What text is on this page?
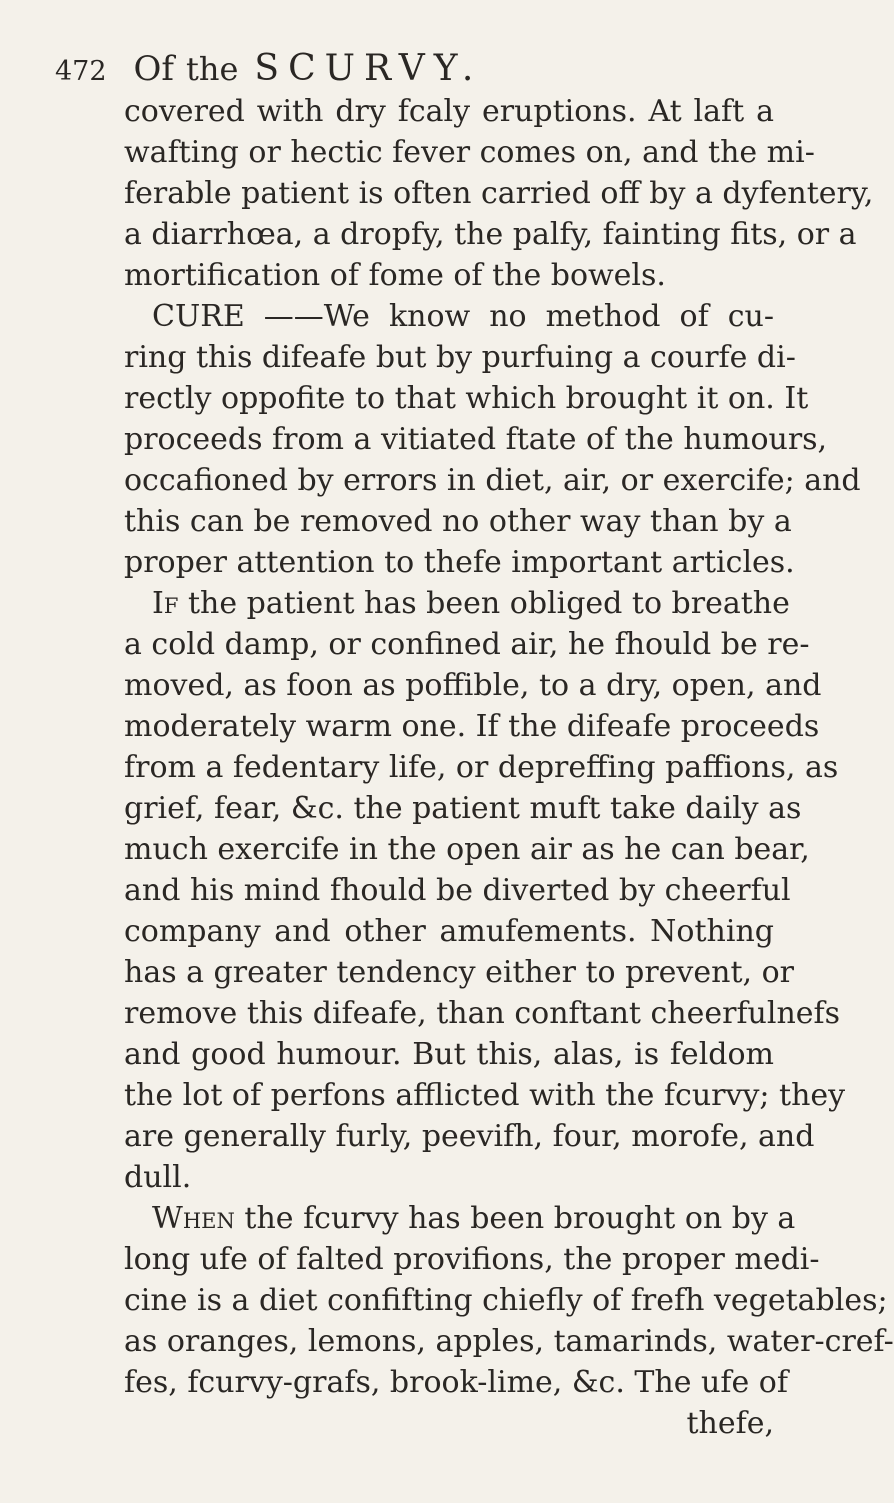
472 Of the SCURVY.
covered with dry fcaly eruptions. At laft a
wafting or hectic fever comes on, and the mi-
ferable patient is often carried off by a dyfentery,
a diarrhœa, a dropfy, the palfy, fainting fits, or a
mortification of fome of the bowels.
CURE ——We know no method of cu-
ring this difeafe but by purfuing a courfe di-
rectly oppofite to that which brought it on. It
proceeds from a vitiated ftate of the humours,
occafioned by errors in diet, air, or exercife; and
this can be removed no other way than by a
proper attention to thefe important articles.
If the patient has been obliged to breathe
a cold damp, or confined air, he fhould be re-
moved, as foon as poffible, to a dry, open, and
moderately warm one. If the difeafe proceeds
from a fedentary life, or depreffing paffions, as
grief, fear, &c. the patient muft take daily as
much exercife in the open air as he can bear,
and his mind fhould be diverted by cheerful
company and other amufements. Nothing
has a greater tendency either to prevent, or
remove this difeafe, than conftant cheerfulnefs
and good humour. But this, alas, is feldom
the lot of perfons afflicted with the fcurvy; they
are generally furly, peevifh, four, morofe, and
dull.
When the fcurvy has been brought on by a
long ufe of falted provifions, the proper medi-
cine is a diet confifting chiefly of frefh vegetables;
as oranges, lemons, apples, tamarinds, water-cref-
fes, fcurvy-grafs, brook-lime, &c. The ufe of
thefe,
